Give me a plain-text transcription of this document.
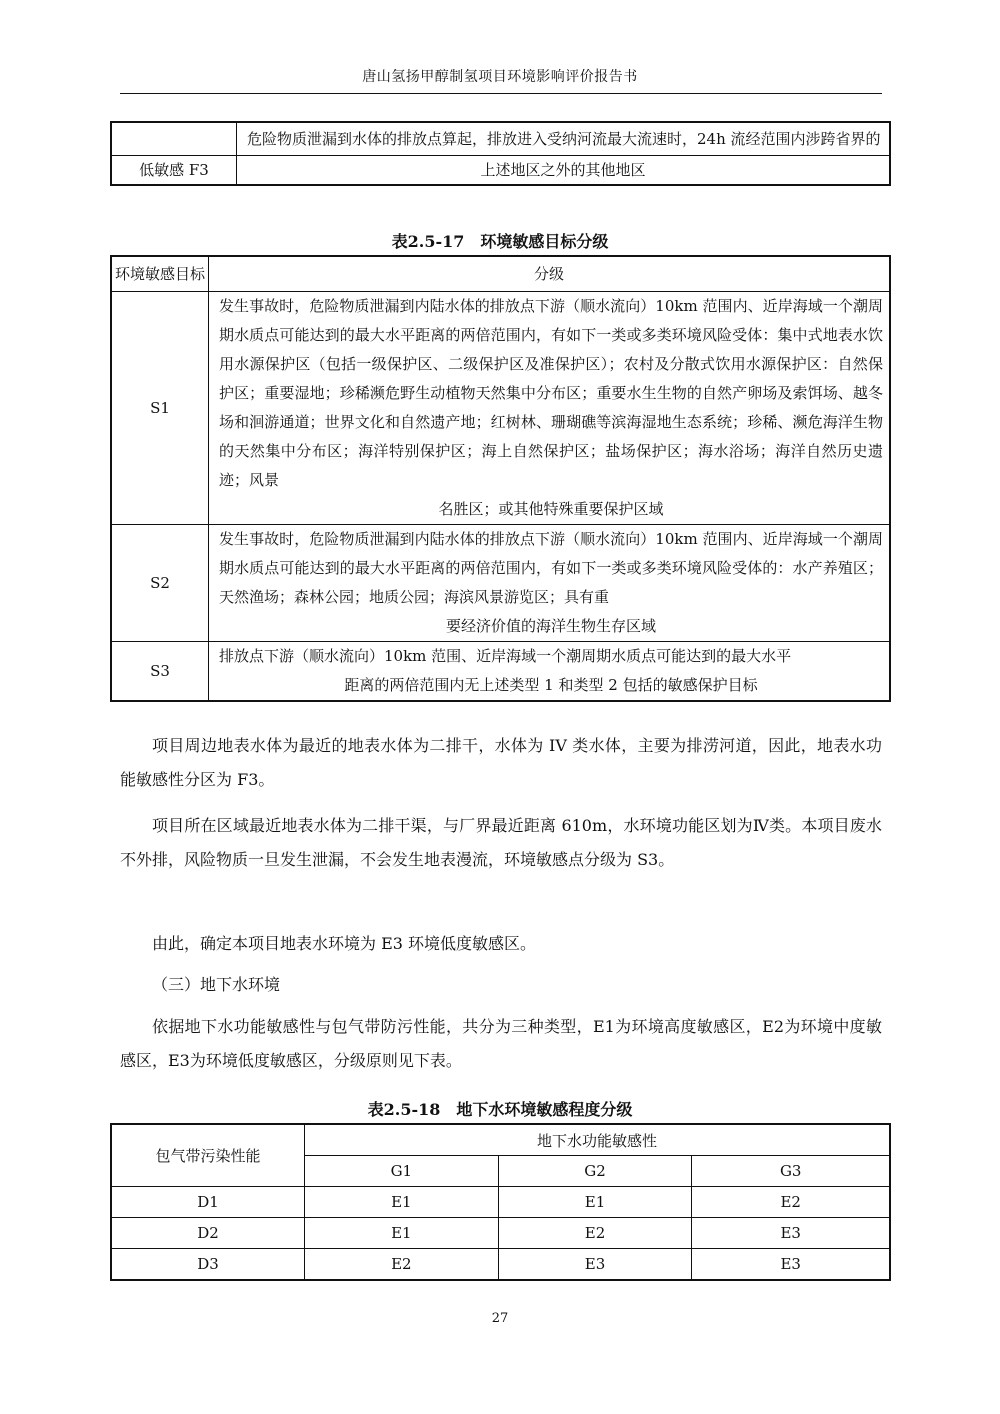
唐山氢扬甲醇制氢项目环境影响评价报告书
	危险物质泄漏到水体的排放点算起，排放进入受纳河流最大流速时，24h 流经范围内涉跨省界的
低敏感 F3	上述地区之外的其他地区
表2.5-17　环境敏感目标分级
环境敏感目标	分级
S1	发生事故时，危险物质泄漏到内陆水体的排放点下游（顺水流向）10km 范围内、近岸海域一个潮周期水质点可能达到的最大水平距离的两倍范围内，有如下一类或多类环境风险受体：集中式地表水饮用水源保护区（包括一级保护区、二级保护区及准保护区）；农村及分散式饮用水源保护区：自然保护区；重要湿地；珍稀濒危野生动植物天然集中分布区；重要水生生物的自然产卵场及索饵场、越冬场和洄游通道；世界文化和自然遗产地；红树林、珊瑚礁等滨海湿地生态系统；珍稀、濒危海洋生物的天然集中分布区；海洋特别保护区；海上自然保护区；盐场保护区；海水浴场；海洋自然历史遗迹；风景
名胜区；或其他特殊重要保护区域

S2	发生事故时，危险物质泄漏到内陆水体的排放点下游（顺水流向）10km 范围内、近岸海域一个潮周期水质点可能达到的最大水平距离的两倍范围内，有如下一类或多类环境风险受体的：水产养殖区；天然渔场；森林公园；地质公园；海滨风景游览区；具有重
要经济价值的海洋生物生存区域

S3	排放点下游（顺水流向）10km 范围、近岸海域一个潮周期水质点可能达到的最大水平
距离的两倍范围内无上述类型 1 和类型 2 包括的敏感保护目标

项目周边地表水体为最近的地表水体为二排干，水体为 IV 类水体，主要为排涝河道，因此，地表水功能敏感性分区为 F3。

项目所在区域最近地表水体为二排干渠，与厂界最近距离 610m，水环境功能区划为Ⅳ类。本项目废水不外排，风险物质一旦发生泄漏，不会发生地表漫流，环境敏感点分级为 S3。

由此，确定本项目地表水环境为 E3 环境低度敏感区。

（三）地下水环境

依据地下水功能敏感性与包气带防污性能，共分为三种类型，E1为环境高度敏感区，E2为环境中度敏感区，E3为环境低度敏感区，分级原则见下表。

表2.5-18　地下水环境敏感程度分级
包气带污染性能	地下水功能敏感性		
	G1	G2	G3
D1	E1	E1	E2
D2	E1	E2	E3
D3	E2	E3	E3
27
